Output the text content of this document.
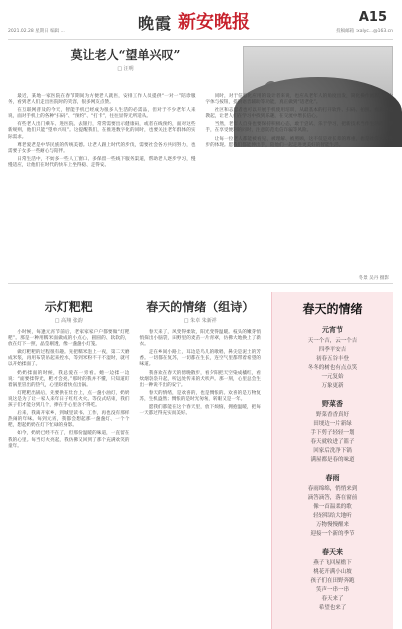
晚霞 新安晚报	A15
2021.02.28 星期日 编辑 ...	投稿邮箱 :xalyc...@163.cn
莫让老人“望单兴叹”
□ 汪明

最近，某地一家医院在春节期间为方便老人就医，安排工作人员提供“一对一”陪诊服务，看到老人们走出医院时的笑容，很多网友点赞。

在互联网普及的今天，智能手机已经成为很多人生活的必需品，但对于不少老年人来说，面对手机上的各种“扫码”、“预约”、“打卡”，往往显得无所适从。

有些老人出门乘车、进医院、去银行，常常需要出示健康码，或者在线预约，面对这些新规则，他们只能“望单兴叹”。这提醒我们，在推进数字化的同时，也要关注老年群体的实际需求。

尊老爱老是中华民族的传统美德。让老人跟上时代的步伐，需要社会各方共同努力，也需要子女多一些耐心与陪伴。

日常生活中，不妨多一些人工窗口、多保留一些线下服务渠道，帮助老人逐步学习，慢慢适应，让他们在时代的快车上坐得稳、走得安。

同时，对于信息化应用的设计者来说，也应从老年人的角度出发，简化操作流程，增大字体与按钮，提供语音辅助等功能，真正做到“适老化”。

社区和志愿者也可以开展手机使用培训，从最基本的打开软件、扫码、拍照、视频通话教起，让老人们在学习中找到乐趣，在交流中增长信心。

当然，老年人自身也要保持积极心态，敢于尝试、乐于学习，把新技术当作生活的好帮手，在享受便利的同时，注意防范电信诈骗等风险。

让每一位老人都能被看见、被理解、被照顾，这不仅是对长辈的尊重，也是社会文明进步的体现。愿我们都能伸出手，陪他们一起走进更美好的智能生活。

冬景 吴丹 摄影
示灯粑粑
□ 高翔 张韵

小时候，每逢元宵节前后，老家家家户户都要做“灯粑粑”。那是一种用糯米面做成的小点心，圆圆的、软软的，放在灯下一照，晶莹剔透，像一盏盏小灯笼。

做灯粑粑的过程很有趣。先把糯米泡上一夜，第二天磨成米浆，再用布袋吊起来控水，等到米粉不干不湿时，就可以开始揉面了。

奶奶揉面的时候，我总爱在一旁看。她一边揉一边说：“面要揉得光，粑才会亮。”那时的我并不懂，只知道盯着锅里冒出的热气，心里盼着快点出锅。

灯粑粑出锅后，先要供在灶台上，点一盏小油灯，奶奶说这是为了让一家人来年日子红红火火。等仪式结束，我们孩子们才能分到几个，捧在手心里舍不得吃。

后来，我离开家乡，到城里读书、工作，再也没有那样热闹的年味。每到元宵，我都会想起那一盏盏灯、一个个粑，想起奶奶在灯下忙碌的身影。

如今，奶奶已经不在了，但那份温暖的味道，一直留在我的心里。每当灯火亮起，我仿佛又回到了那个充满欢笑的童年。

春天的情绪（组诗）
□ 朱卓 朱新祥

春天来了，风变得柔软，阳光变得温暖。枝头的嫩芽悄悄探出小脑袋，田野里的麦苗一片青翠，仿佛大地换上了新衣。

走在乡间小路上，耳边是鸟儿的歌唱，鼻尖是泥土的芳香。一切都在复苏，一切都在生长，连空气里都带着希望的味道。

我喜欢在春天的傍晚散步，看夕阳把天空染成橘红，看炊烟袅袅升起，听远处传来的犬吠声。那一刻，心里总会生出一种说不出的安宁。

春天的情绪，是欢喜的，也是惆怅的。欢喜的是万物复苏，生机盎然；惆怅的是时光匆匆，转眼又是一年。

愿我们都能在这个春天里，放下烦恼，拥抱温暖，把每一天都过得充实而美好。

春天的情绪
元宵节
天一个吉，云一个吉
四季平安吉
初春五谷丰登
冬冬的树也有点点笑
一元复始
万象更新
野菜香
野菜香香真好
田埂边一片新绿
手下剪子轻轻一划
春天就收进了篮子
回家后洗净下锅
满屋都是春的味道
春雨
春雨绵绵，悄悄来到
滴答滴答，落在窗前
像一首温柔的歌
轻轻唱给大地听
万物慢慢醒来
迎接一个新的季节
春天来
燕子飞回屋檐下
桃花开满小山坡
孩子们在田野奔跑
笑声一串一串
春天来了
希望也来了
